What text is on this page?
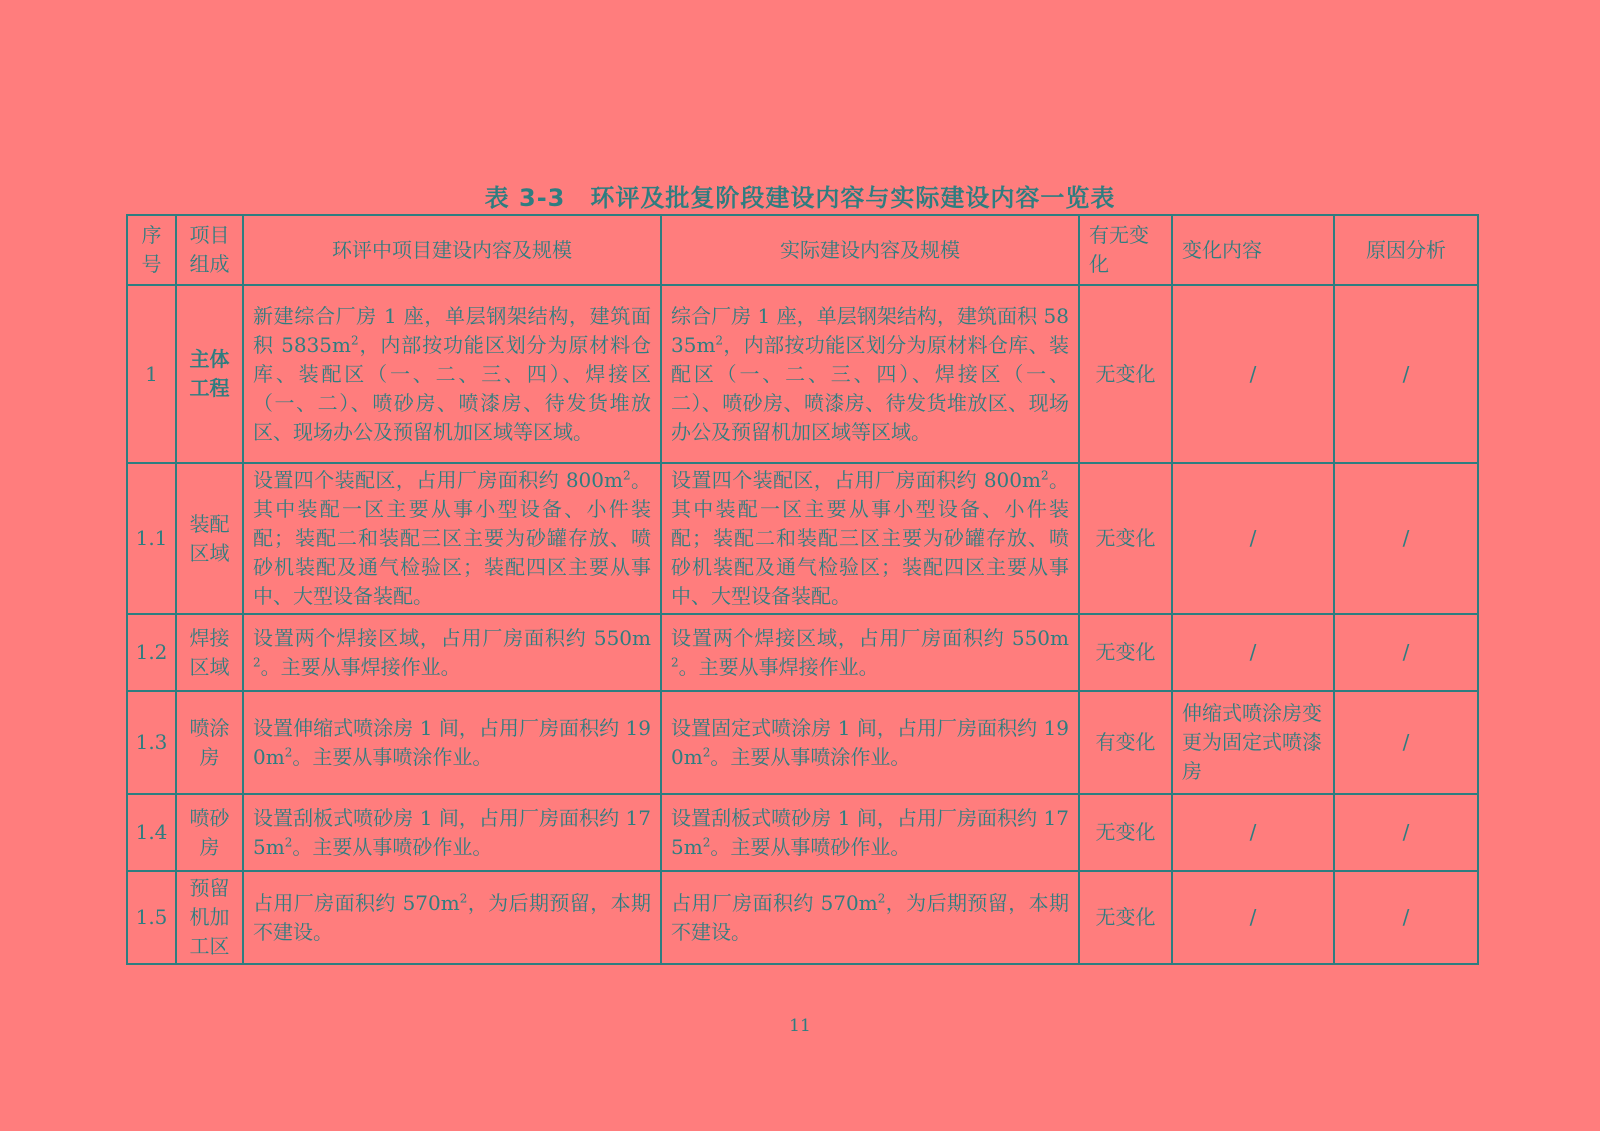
表 3-3　环评及批复阶段建设内容与实际建设内容一览表
序号	项目组成	环评中项目建设内容及规模	实际建设内容及规模	有无变化	变化内容	原因分析
1	主体工程	新建综合厂房 1 座，单层钢架结构，建筑面积 $5835m^2$，内部按功能区划分为原材料仓库、装配区（一、二、三、四）、焊接区（一、二）、喷砂房、喷漆房、待发货堆放区、现场办公及预留机加区域等区域。	综合厂房 1 座，单层钢架结构，建筑面积 $5835m^2$，内部按功能区划分为原材料仓库、装配区（一、二、三、四）、焊接区（一、二）、喷砂房、喷漆房、待发货堆放区、现场办公及预留机加区域等区域。	无变化	/	/
1.1	装配区域	设置四个装配区，占用厂房面积约 $800m^2$。其中装配一区主要从事小型设备、小件装配；装配二和装配三区主要为砂罐存放、喷砂机装配及通气检验区；装配四区主要从事中、大型设备装配。	设置四个装配区，占用厂房面积约 $800m^2$。其中装配一区主要从事小型设备、小件装配；装配二和装配三区主要为砂罐存放、喷砂机装配及通气检验区；装配四区主要从事中、大型设备装配。	无变化	/	/
1.2	焊接区域	设置两个焊接区域，占用厂房面积约 $550m^2$。主要从事焊接作业。	设置两个焊接区域，占用厂房面积约 $550m^2$。主要从事焊接作业。	无变化	/	/
1.3	喷涂房	设置伸缩式喷涂房 1 间，占用厂房面积约 $190m^2$。主要从事喷涂作业。	设置固定式喷涂房 1 间，占用厂房面积约 $190m^2$。主要从事喷涂作业。	有变化	伸缩式喷涂房变更为固定式喷漆房	/
1.4	喷砂房	设置刮板式喷砂房 1 间，占用厂房面积约 $175m^2$。主要从事喷砂作业。	设置刮板式喷砂房 1 间，占用厂房面积约 $175m^2$。主要从事喷砂作业。	无变化	/	/
1.5	预留机加工区	占用厂房面积约 $570m^2$，为后期预留，本期不建设。	占用厂房面积约 $570m^2$，为后期预留，本期不建设。	无变化	/	/
11
